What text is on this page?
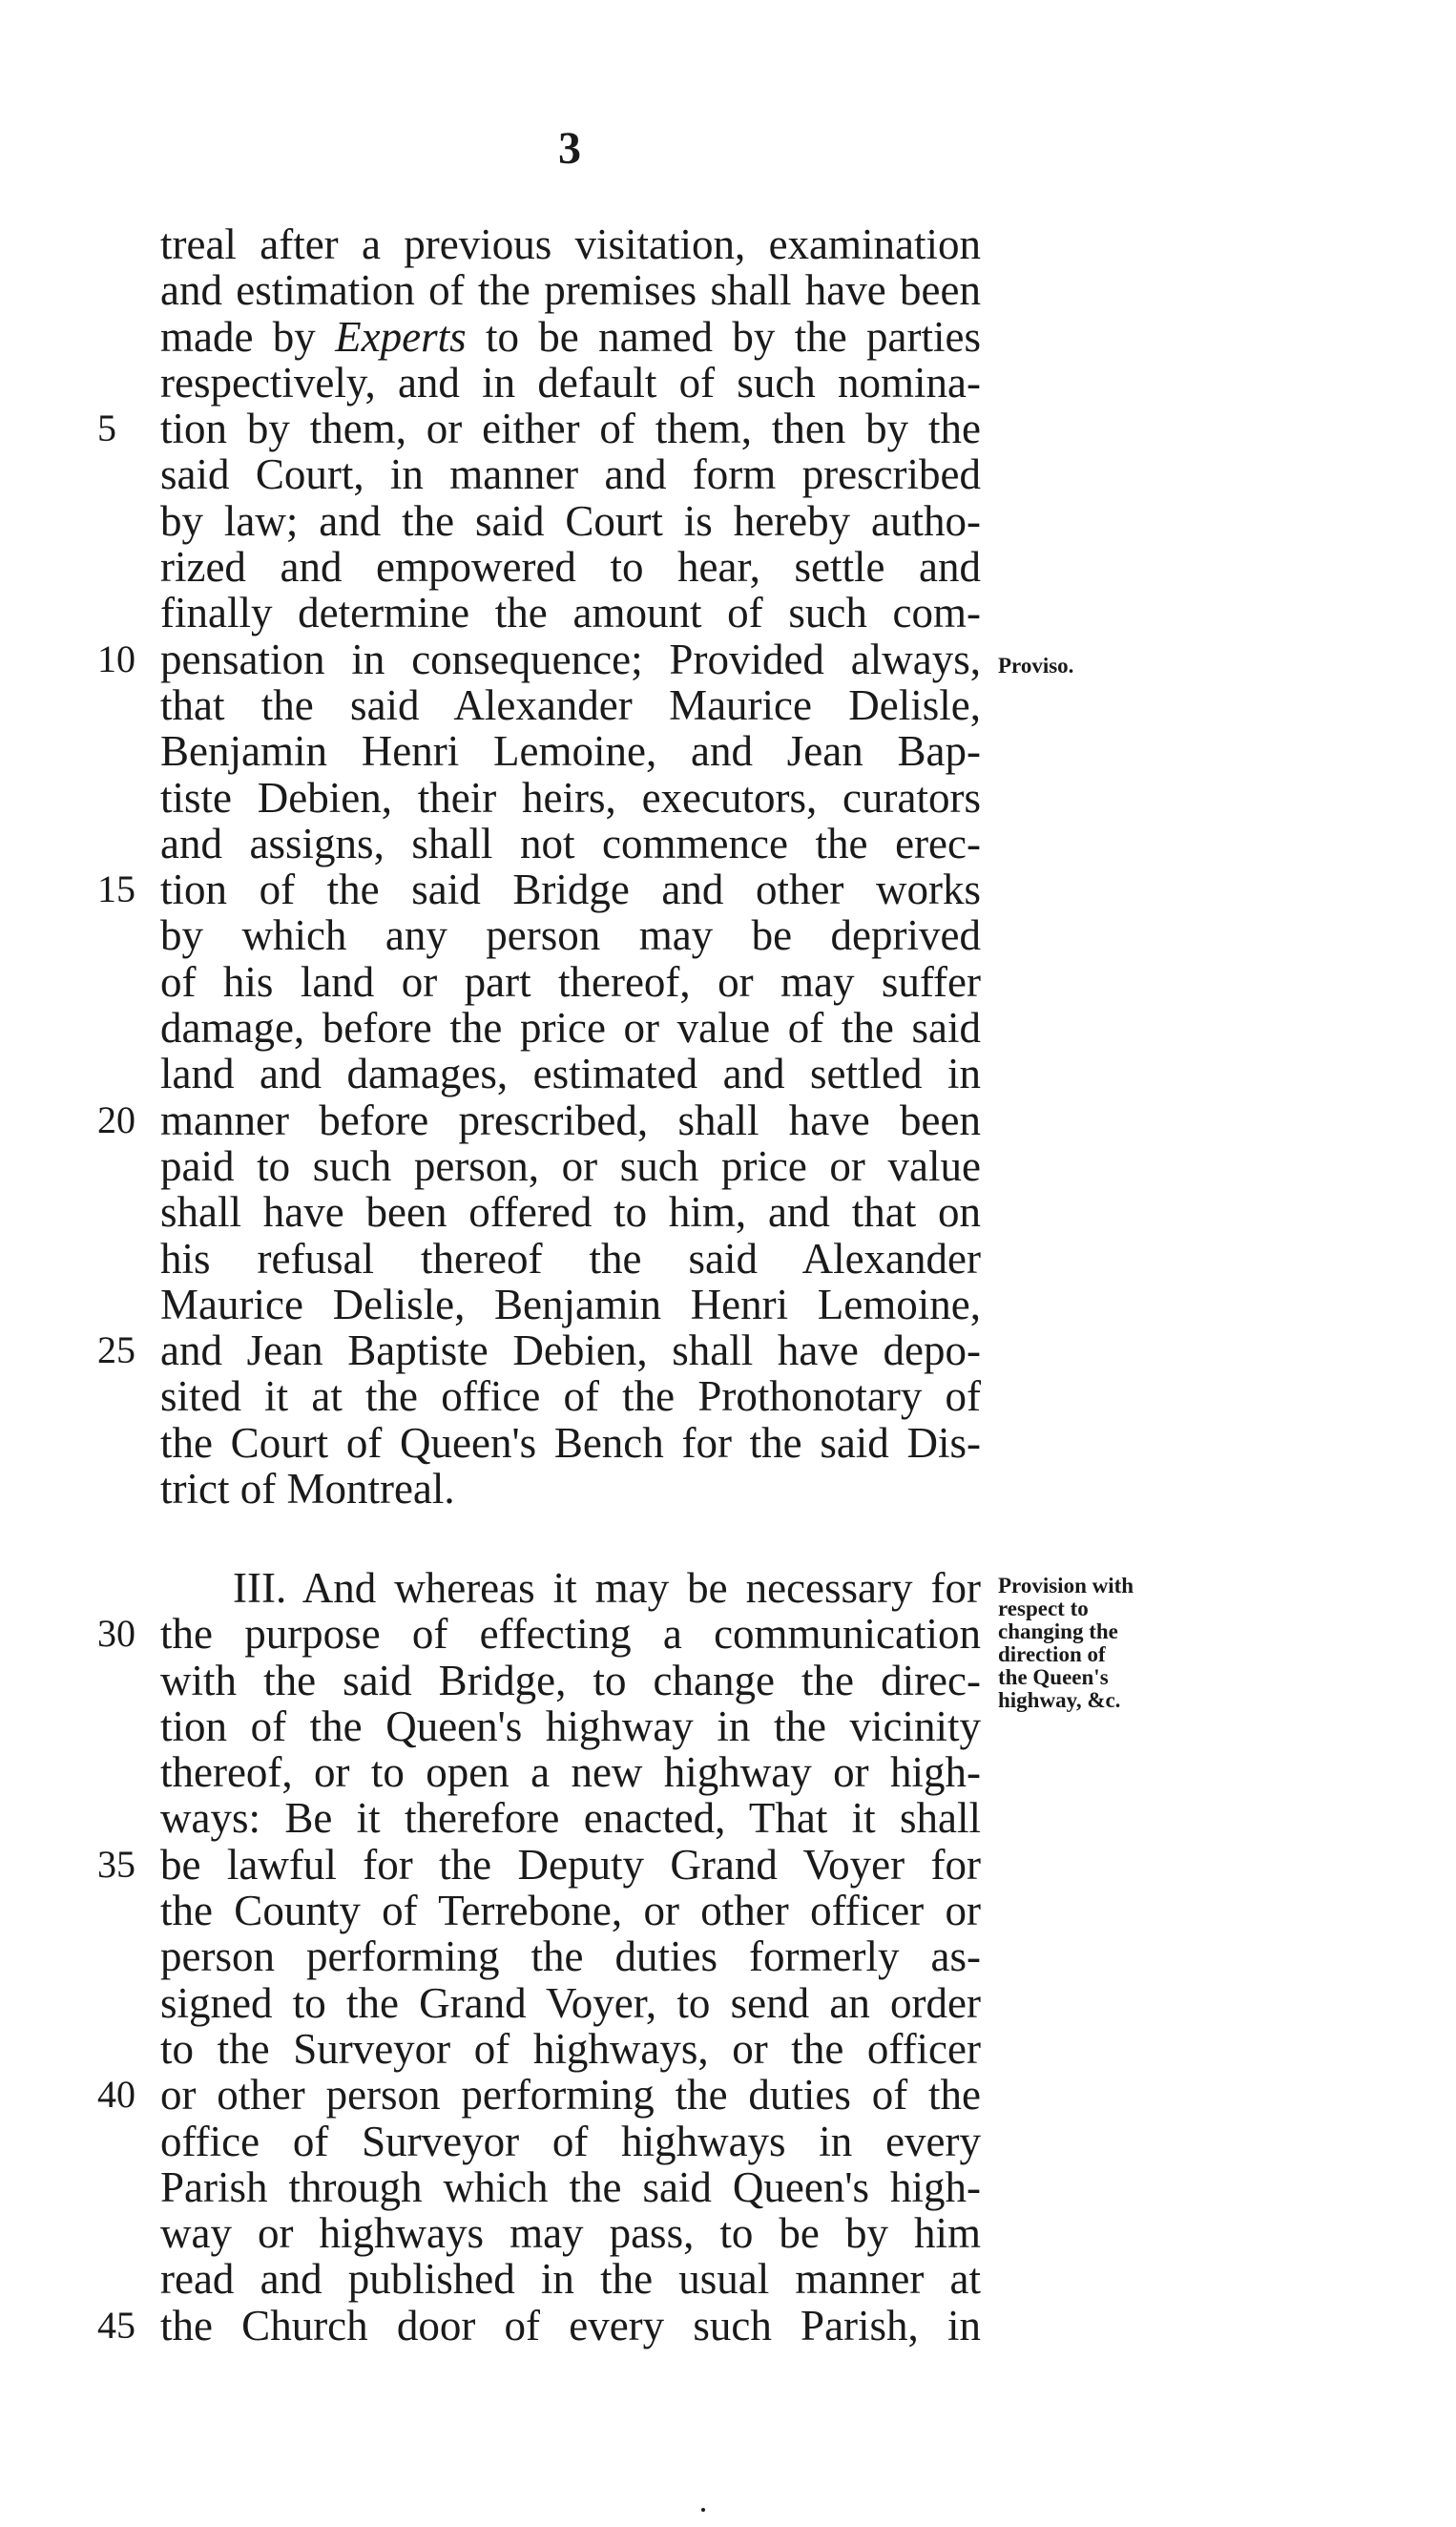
3
treal after a previous visitation, examination
and estimation of the premises shall have been
made by Experts to be named by the parties
respectively, and in default of such nomina-
5	tion by them, or either of them, then by the
said Court, in manner and form prescribed
by law; and the said Court is hereby autho-
rized and empowered to hear, settle and
finally determine the amount of such com-
10 pensation in consequence; Provided always,
that the said Alexander Maurice Delisle,
Benjamin Henri Lemoine, and Jean Bap-
tiste Debien, their heirs, executors, curators
and assigns, shall not commence the erec-
15 tion of the said Bridge and other works
by which any person may be deprived
of his land or part thereof, or may suffer
damage, before the price or value of the said
land and damages, estimated and settled in
20 manner before prescribed, shall have been
paid to such person, or such price or value
shall have been offered to him, and that on
his refusal thereof the said Alexander
Maurice Delisle, Benjamin Henri Lemoine,
25 and Jean Baptiste Debien, shall have depo-
sited it at the office of the Prothonotary of
the Court of Queen's Bench for the said Dis-
trict of Montreal.
Proviso.
III. And whereas it may be necessary for
30 the purpose of effecting a communication
with the said Bridge, to change the direc-
tion of the Queen's highway in the vicinity
thereof, or to open a new highway or high-
ways: Be it therefore enacted, That it shall
35 be lawful for the Deputy Grand Voyer for
the County of Terrebone, or other officer or
person performing the duties formerly as-
signed to the Grand Voyer, to send an order
to the Surveyor of highways, or the officer
40 or other person performing the duties of the
office of Surveyor of highways in every
Parish through which the said Queen's high-
way or highways may pass, to be by him
read and published in the usual manner at
45 the Church door of every such Parish, in
Provision with
respect to
changing the
direction of
the Queen's
highway, &c.
